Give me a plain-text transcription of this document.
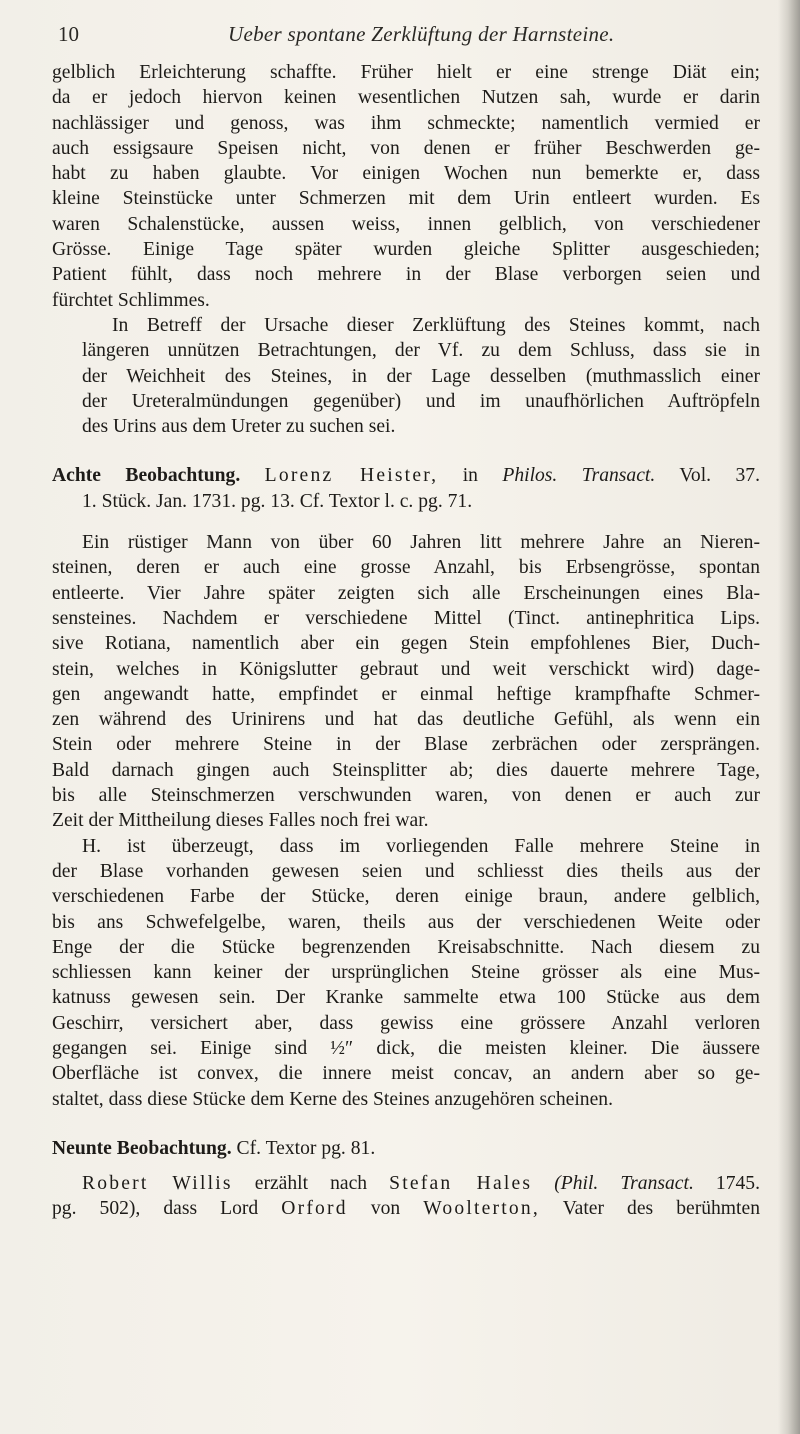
10	Ueber spontane Zerklüftung der Harnsteine.

gelblich Erleichterung schaffte. Früher hielt er eine strenge Diät ein;
da er jedoch hiervon keinen wesentlichen Nutzen sah, wurde er darin
nachlässiger und genoss, was ihm schmeckte; namentlich vermied er
auch essigsaure Speisen nicht, von denen er früher Beschwerden ge-
habt zu haben glaubte. Vor einigen Wochen nun bemerkte er, dass
kleine Steinstücke unter Schmerzen mit dem Urin entleert wurden. Es
waren Schalenstücke, aussen weiss, innen gelblich, von verschiedener
Grösse. Einige Tage später wurden gleiche Splitter ausgeschieden;
Patient fühlt, dass noch mehrere in der Blase verborgen seien und
fürchtet Schlimmes.

In Betreff der Ursache dieser Zerklüftung des Steines kommt, nach
längeren unnützen Betrachtungen, der Vf. zu dem Schluss, dass sie in
der Weichheit des Steines, in der Lage desselben (muthmasslich einer
der Ureteralmündungen gegenüber) und im unaufhörlichen Auftröpfeln
des Urins aus dem Ureter zu suchen sei.

Achte Beobachtung. Lorenz Heister, in Philos. Transact. Vol. 37.
1. Stück. Jan. 1731. pg. 13. Cf. Textor l. c. pg. 71.

Ein rüstiger Mann von über 60 Jahren litt mehrere Jahre an Nieren-
steinen, deren er auch eine grosse Anzahl, bis Erbsengrösse, spontan
entleerte. Vier Jahre später zeigten sich alle Erscheinungen eines Bla-
sensteines. Nachdem er verschiedene Mittel (Tinct. antinephritica Lips.
sive Rotiana, namentlich aber ein gegen Stein empfohlenes Bier, Duch-
stein, welches in Königslutter gebraut und weit verschickt wird) dage-
gen angewandt hatte, empfindet er einmal heftige krampfhafte Schmer-
zen während des Urinirens und hat das deutliche Gefühl, als wenn ein
Stein oder mehrere Steine in der Blase zerbrächen oder zersprängen.
Bald darnach gingen auch Steinsplitter ab; dies dauerte mehrere Tage,
bis alle Steinschmerzen verschwunden waren, von denen er auch zur
Zeit der Mittheilung dieses Falles noch frei war.

H. ist überzeugt, dass im vorliegenden Falle mehrere Steine in
der Blase vorhanden gewesen seien und schliesst dies theils aus der
verschiedenen Farbe der Stücke, deren einige braun, andere gelblich,
bis ans Schwefelgelbe, waren, theils aus der verschiedenen Weite oder
Enge der die Stücke begrenzenden Kreisabschnitte. Nach diesem zu
schliessen kann keiner der ursprünglichen Steine grösser als eine Mus-
katnuss gewesen sein. Der Kranke sammelte etwa 100 Stücke aus dem
Geschirr, versichert aber, dass gewiss eine grössere Anzahl verloren
gegangen sei. Einige sind ½″ dick, die meisten kleiner. Die äussere
Oberfläche ist convex, die innere meist concav, an andern aber so ge-
staltet, dass diese Stücke dem Kerne des Steines anzugehören scheinen.

Neunte Beobachtung. Cf. Textor pg. 81.
Robert Willis erzählt nach Stefan Hales (Phil. Transact. 1745.
pg. 502), dass Lord Orford von Woolterton, Vater des berühmten
